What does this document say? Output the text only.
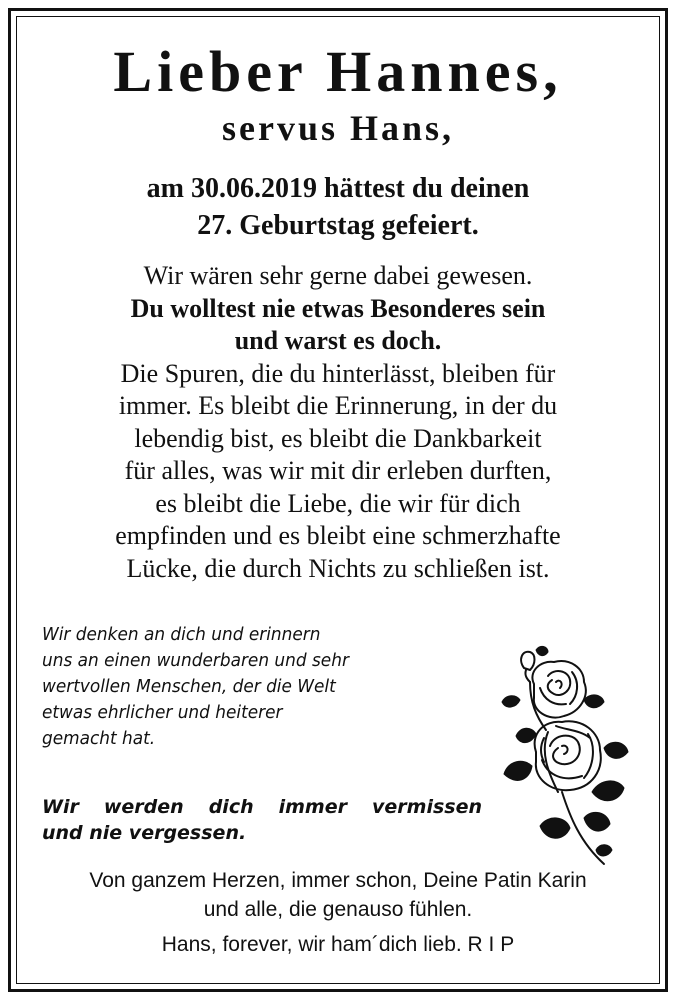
Lieber Hannes,
servus Hans,
am 30.06.2019 hättest du deinen
27. Geburtstag gefeiert.

Wir wären sehr gerne dabei gewesen.

Du wolltest nie etwas Besonderes sein

und warst es doch.

Die Spuren, die du hinterlässt, bleiben für

immer. Es bleibt die Erinnerung, in der du

lebendig bist, es bleibt die Dankbarkeit

für alles, was wir mit dir erleben durften,

es bleibt die Liebe, die wir für dich

empfinden und es bleibt eine schmerzhafte

Lücke, die durch Nichts zu schließen ist.

Wir denken an dich und erinnern
uns an einen wunderbaren und sehr
wertvollen Menschen, der die Welt
etwas ehrlicher und heiterer
gemacht hat.
Wir werden dich immer vermissen
und nie vergessen.
Von ganzem Herzen, immer schon, Deine Patin Karin
und alle, die genauso fühlen.
Hans, forever, wir ham´dich lieb. R I P
